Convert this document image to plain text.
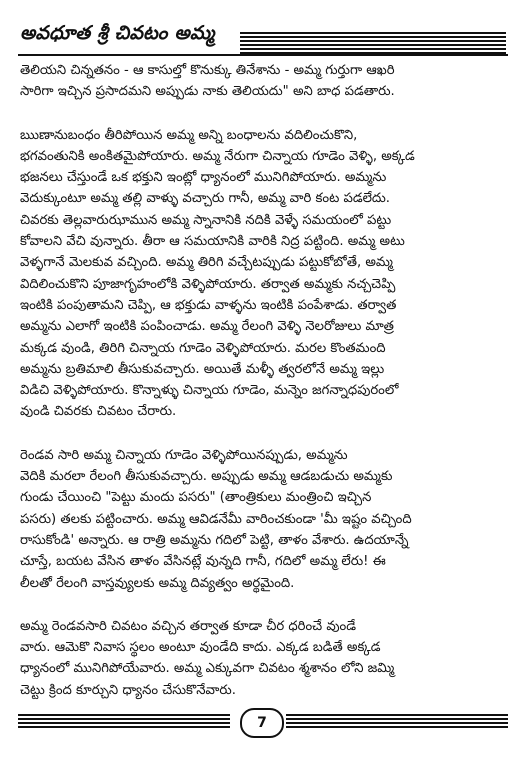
అవధూత శ్రీ చివటం అమ్మ
తెలియని చిన్నతనం - ఆ కాసుల్తో కొనుక్కు తినేశాను - అమ్మ గుర్తుగా ఆఖరి
సారిగా ఇచ్చిన ప్రసాదమని అప్పుడు నాకు తెలియదు" అని బాధ పడతారు.
ఋణానుబంధం తీరిపోయిన అమ్మ అన్ని బంధాలను వదిలించుకొని,
భగవంతునికి అంకితమైపోయారు. అమ్మ నేరుగా చిన్నాయ గూడెం వెళ్ళి, అక్కడ
భజనలు చేస్తుండే ఒక భక్తుని ఇంట్లో ధ్యానంలో మునిగిపోయారు. అమ్మను
వెదుక్కుంటూ అమ్మ తల్లి వాళ్ళు వచ్చారు గానీ, అమ్మ వారి కంట పడలేదు.
చివరకు తెల్లవారుఝామున అమ్మ స్నానానికి నదికి వెళ్ళే సమయంలో పట్టు
కోవాలని వేచి వున్నారు. తీరా ఆ సమయానికి వారికి నిద్ర పట్టింది. అమ్మ అటు
వెళ్ళగానే మెలకువ వచ్చింది. అమ్మ తిరిగి వచ్చేటప్పుడు పట్టుకోబోతే, అమ్మ
విదిలించుకొని పూజాగృహంలోకి వెళ్ళిపోయారు. తర్వాత అమ్మకు నచ్చచెప్పి
ఇంటికి పంపుతామని చెప్పి, ఆ భక్తుడు వాళ్ళను ఇంటికి పంపేశాడు. తర్వాత
అమ్మను ఎలాగో ఇంటికి పంపించాడు. అమ్మ రేలంగి వెళ్ళి నెలరోజులు మాత్ర
మక్కడ వుండి, తిరిగి చిన్నాయ గూడెం వెళ్ళిపోయారు. మరల కొంతమంది
అమ్మను బ్రతిమాలి తీసుకువచ్చారు. అయితే మళ్ళీ త్వరలోనే అమ్మ ఇల్లు
విడిచి వెళ్ళిపోయారు. కొన్నాళ్ళు చిన్నాయ గూడెం, మన్నెం జగన్నాధపురంలో
వుండి చివరకు చివటం చేరారు.
రెండవ సారి అమ్మ చిన్నాయ గూడెం వెళ్ళిపోయినప్పుడు, అమ్మను
వెదికి మరలా రేలంగి తీసుకువచ్చారు. అప్పుడు అమ్మ ఆడబడుచు అమ్మకు
గుండు చేయించి "పెట్టు మందు పసరు" (తాంత్రికులు మంత్రించి ఇచ్చిన
పసరు) తలకు పట్టించారు. అమ్మ ఆవిడనేమీ వారించకుండా 'మీ ఇష్టం వచ్చింది
రాసుకోండి' అన్నారు. ఆ రాత్రి అమ్మను గదిలో పెట్టి, తాళం వేశారు. ఉదయాన్నే
చూస్తే, బయట వేసిన తాళం వేసినట్లే వున్నది గానీ, గదిలో అమ్మ లేరు! ఈ
లీలతో రేలంగి వాస్తవ్యులకు అమ్మ దివ్యత్వం అర్థమైంది.
అమ్మ రెండవసారి చివటం వచ్చిన తర్వాత కూడా చీర ధరించే వుండే
వారు. ఆమెకొ నివాస స్థలం అంటూ వుండేది కాదు. ఎక్కడ బడితే అక్కడ
ధ్యానంలో మునిగిపోయేవారు. అమ్మ ఎక్కువగా చివటం శ్మశానం లోని జమ్మి
చెట్టు క్రింద కూర్చుని ధ్యానం చేసుకొనేవారు.
7
